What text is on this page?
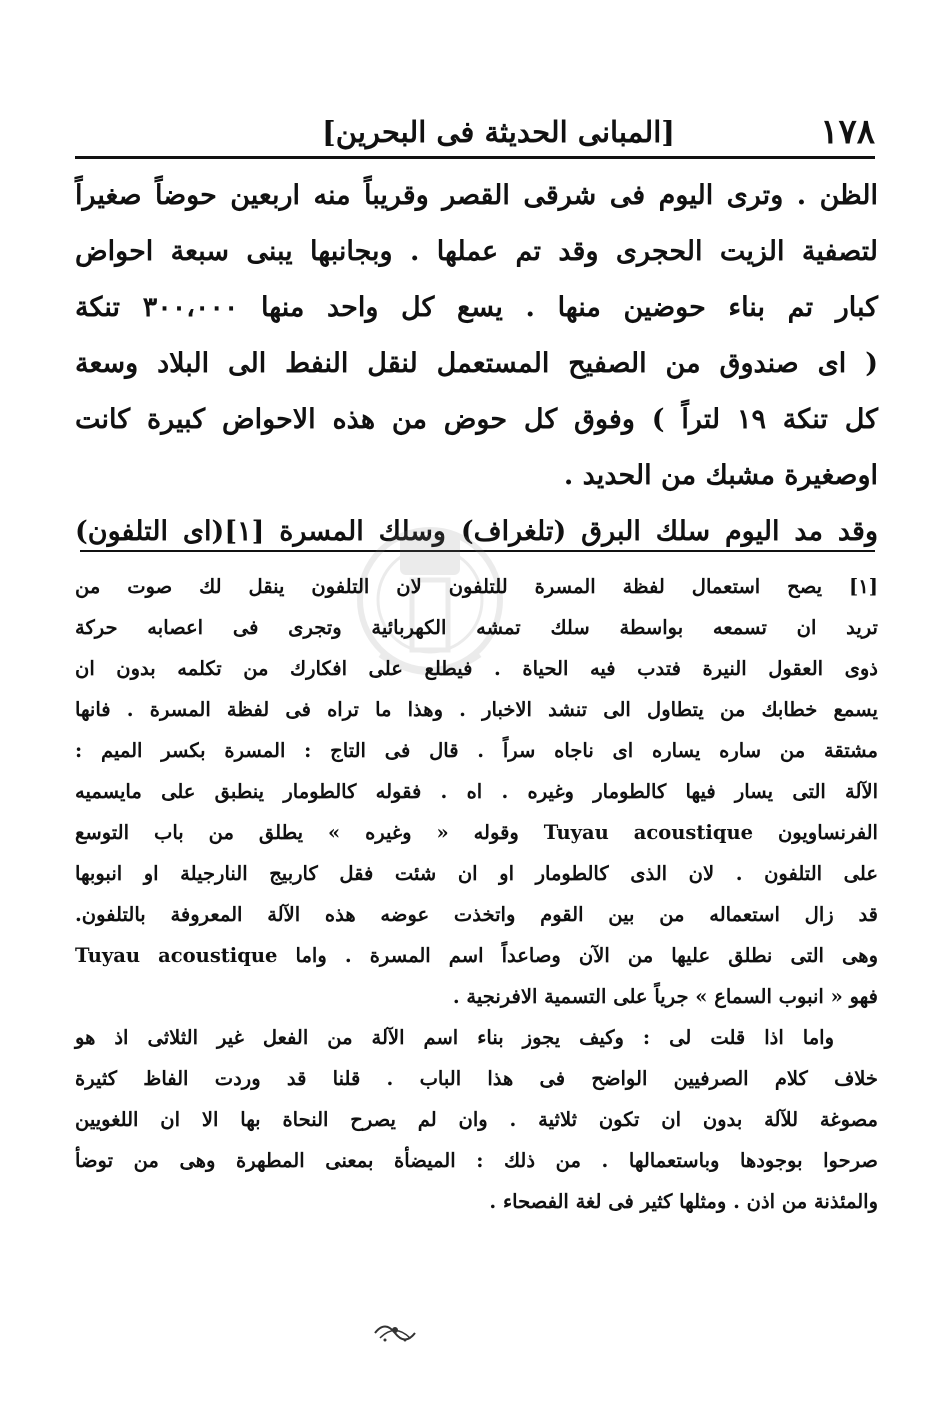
١٧٨
[المبانی الحدیثة فی البحرین]
الظن . وتری الیوم فی شرقی القصر وقریباً منه اربعین حوضاً صغیراً
لتصفیة الزیت الحجری وقد تم عملها . وبجانبها یبنی سبعة احواض
كبار تم بناء حوضین منها . یسع كل واحد منها ٣٠٠،٠٠٠ تنكة
( ای صندوق من الصفیح المستعمل لنقل النفط الی البلاد وسعة
كل تنكة ١٩ لتراً ) وفوق كل حوض من هذه الاحواض كبیرة كانت
اوصغیرة مشبك من الحدید .
وقد مد الیوم سلك البرق (تلغراف) وسلك المسرة [١](ای التلفون)
[١] یصح استعمال لفظة المسرة للتلفون لان التلفون ینقل لك صوت من
ترید ان تسمعه بواسطة سلك تمشه الكهربائیة وتجری فی اعصابه حركة
ذوی العقول النیرة فتدب فیه الحیاة . فیطلع علی افكارك من تكلمه بدون ان
یسمع خطابك من یتطاول الی تنشد الاخبار . وهذا ما تراه فی لفظة المسرة . فانها
مشتقة من ساره یساره ای ناجاه سراً . قال فی التاج : المسرة بكسر المیم :
الآلة التی یسار فیها كالطومار وغیره . اه . فقوله كالطومار ینطبق علی مایسمیه
الفرنساویون Tuyau acoustique وقوله « وغیره » یطلق من باب التوسع
علی التلفون . لان الذی كالطومار او ان شئت فقل كاربیج النارجیلة او انبوبها
قد زال استعماله من بین القوم واتخذت عوضه هذه الآلة المعروفة بالتلفون.
وهی التی نطلق علیها من الآن وصاعداً اسم المسرة . واما Tuyau acoustique
فهو « انبوب السماع » جریاً علی التسمیة الافرنجیة .
واما اذا قلت لی : وكیف یجوز بناء اسم الآلة من الفعل غیر الثلاثی اذ هو
خلاف كلام الصرفیین الواضح فی هذا الباب . قلنا قد وردت الفاظ كثیرة
مصوغة للآلة بدون ان تكون ثلاثیة . وان لم یصرح النحاة بها الا ان اللغویین
صرحوا بوجودها وباستعمالها . من ذلك : المیضأة بمعنی المطهرة وهی من توضأ
والمئذنة من اذن . ومثلها كثیر فی لغة الفصحاء .
